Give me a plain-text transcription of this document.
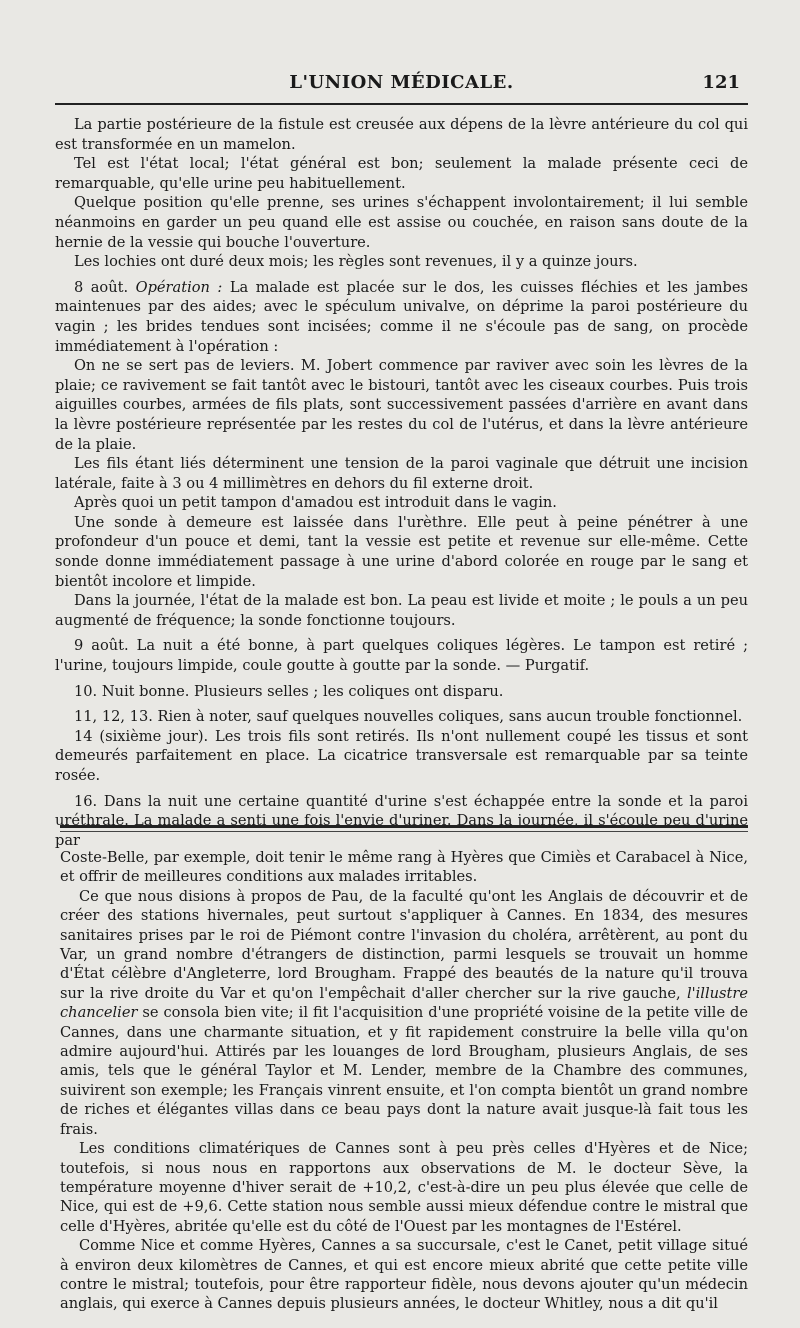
L'UNION MÉDICALE.	121

La partie postérieure de la fistule est creusée aux dépens de la lèvre antérieure du col qui est transformée en un mamelon.

Tel est l'état local; l'état général est bon; seulement la malade présente ceci de remarquable, qu'elle urine peu habituellement.

Quelque position qu'elle prenne, ses urines s'échappent involontairement; il lui semble néanmoins en garder un peu quand elle est assise ou couchée, en raison sans doute de la hernie de la vessie qui bouche l'ouverture.

Les lochies ont duré deux mois; les règles sont revenues, il y a quinze jours.

8 août. Opération : La malade est placée sur le dos, les cuisses fléchies et les jambes maintenues par des aides; avec le spéculum univalve, on déprime la paroi postérieure du vagin ; les brides tendues sont incisées; comme il ne s'écoule pas de sang, on procède immédiatement à l'opération :

On ne se sert pas de leviers. M. Jobert commence par raviver avec soin les lèvres de la plaie; ce ravivement se fait tantôt avec le bistouri, tantôt avec les ciseaux courbes. Puis trois aiguilles courbes, armées de fils plats, sont successivement passées d'arrière en avant dans la lèvre postérieure représentée par les restes du col de l'utérus, et dans la lèvre antérieure de la plaie.

Les fils étant liés déterminent une tension de la paroi vaginale que détruit une incision latérale, faite à 3 ou 4 millimètres en dehors du fil externe droit.

Après quoi un petit tampon d'amadou est introduit dans le vagin.

Une sonde à demeure est laissée dans l'urèthre. Elle peut à peine pénétrer à une profondeur d'un pouce et demi, tant la vessie est petite et revenue sur elle-même. Cette sonde donne immédiatement passage à une urine d'abord colorée en rouge par le sang et bientôt incolore et limpide.

Dans la journée, l'état de la malade est bon. La peau est livide et moite ; le pouls a un peu augmenté de fréquence; la sonde fonctionne toujours.

9 août. La nuit a été bonne, à part quelques coliques légères. Le tampon est retiré ; l'urine, toujours limpide, coule goutte à goutte par la sonde. — Purgatif.

10. Nuit bonne. Plusieurs selles ; les coliques ont disparu.

11, 12, 13. Rien à noter, sauf quelques nouvelles coliques, sans aucun trouble fonctionnel.

14 (sixième jour). Les trois fils sont retirés. Ils n'ont nullement coupé les tissus et sont demeurés parfaitement en place. La cicatrice transversale est remarquable par sa teinte rosée.

16. Dans la nuit une certaine quantité d'urine s'est échappée entre la sonde et la paroi uréthrale. La malade a senti une fois l'envie d'uriner. Dans la journée, il s'écoule peu d'urine par

Coste-Belle, par exemple, doit tenir le même rang à Hyères que Cimiès et Carabacel à Nice, et offrir de meilleures conditions aux malades irritables.

Ce que nous disions à propos de Pau, de la faculté qu'ont les Anglais de découvrir et de créer des stations hivernales, peut surtout s'appliquer à Cannes. En 1834, des mesures sanitaires prises par le roi de Piémont contre l'invasion du choléra, arrêtèrent, au pont du Var, un grand nombre d'étrangers de distinction, parmi lesquels se trouvait un homme d'État célèbre d'Angleterre, lord Brougham. Frappé des beautés de la nature qu'il trouva sur la rive droite du Var et qu'on l'empêchait d'aller chercher sur la rive gauche, l'illustre chancelier se consola bien vite; il fit l'acquisition d'une propriété voisine de la petite ville de Cannes, dans une charmante situation, et y fit rapidement construire la belle villa qu'on admire aujourd'hui. Attirés par les louanges de lord Brougham, plusieurs Anglais, de ses amis, tels que le général Taylor et M. Lender, membre de la Chambre des communes, suivirent son exemple; les Français vinrent ensuite, et l'on compta bientôt un grand nombre de riches et élégantes villas dans ce beau pays dont la nature avait jusque-là fait tous les frais.

Les conditions climatériques de Cannes sont à peu près celles d'Hyères et de Nice; toutefois, si nous nous en rapportons aux observations de M. le docteur Sève, la température moyenne d'hiver serait de +10,2, c'est-à-dire un peu plus élevée que celle de Nice, qui est de +9,6. Cette station nous semble aussi mieux défendue contre le mistral que celle d'Hyères, abritée qu'elle est du côté de l'Ouest par les montagnes de l'Estérel.

Comme Nice et comme Hyères, Cannes a sa succursale, c'est le Canet, petit village situé à environ deux kilomètres de Cannes, et qui est encore mieux abrité que cette petite ville contre le mistral; toutefois, pour être rapporteur fidèle, nous devons ajouter qu'un médecin anglais, qui exerce à Cannes depuis plusieurs années, le docteur Whitley, nous a dit qu'il
